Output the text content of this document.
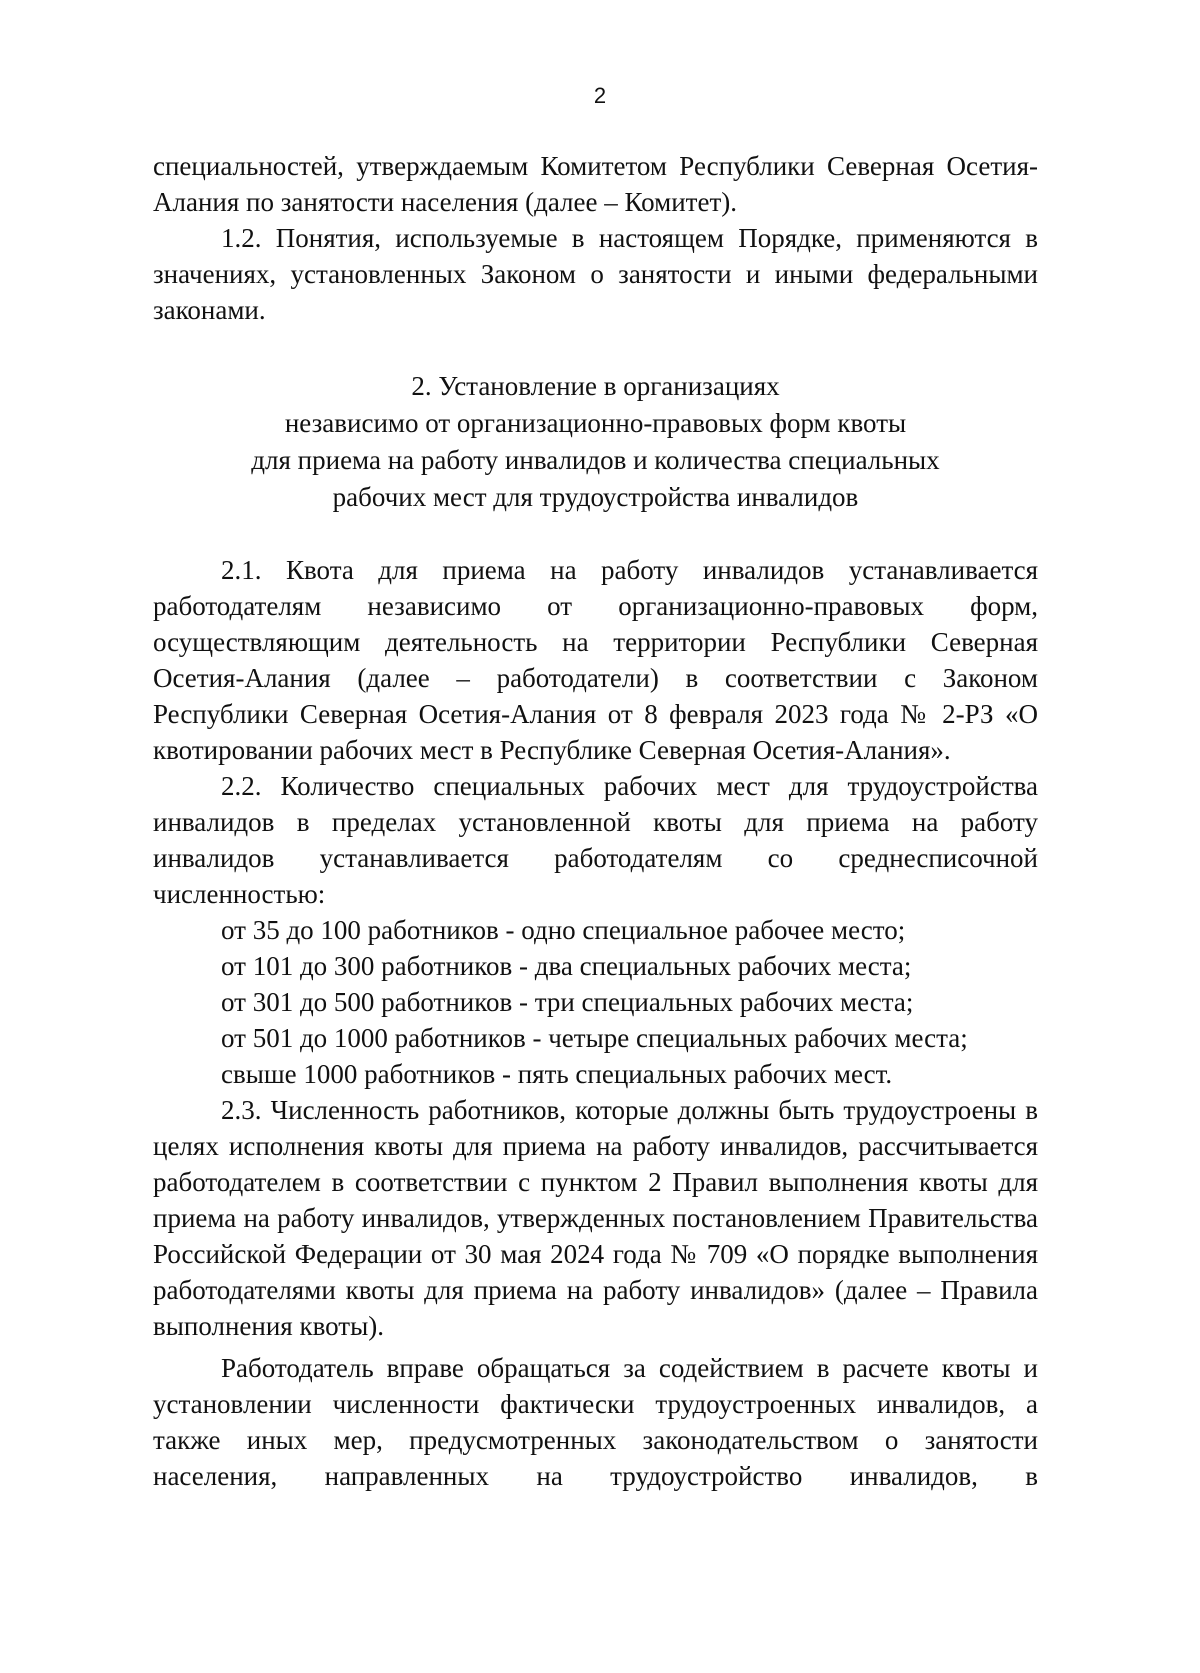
2

специальностей, утверждаемым Комитетом Республики Северная Осетия-Алания по занятости населения (далее – Комитет).

1.2. Понятия, используемые в настоящем Порядке, применяются в значениях, установленных Законом о занятости и иными федеральными законами.

2. Установление в организациях
независимо от организационно-правовых форм квоты
для приема на работу инвалидов и количества специальных
рабочих мест для трудоустройства инвалидов

2.1. Квота для приема на работу инвалидов устанавливается работодателям независимо от организационно-правовых форм, осуществляющим деятельность на территории Республики Северная Осетия-Алания (далее – работодатели) в соответствии с Законом Республики Северная Осетия-Алания от 8 февраля 2023 года № 2-РЗ «О квотировании рабочих мест в Республике Северная Осетия-Алания».

2.2. Количество специальных рабочих мест для трудоустройства инвалидов в пределах установленной квоты для приема на работу инвалидов устанавливается работодателям со среднесписочной численностью:

от 35 до 100 работников - одно специальное рабочее место;
от 101 до 300 работников - два специальных рабочих места;
от 301 до 500 работников - три специальных рабочих места;
от 501 до 1000 работников - четыре специальных рабочих места;
свыше 1000 работников - пять специальных рабочих мест.

2.3. Численность работников, которые должны быть трудоустроены в целях исполнения квоты для приема на работу инвалидов, рассчитывается работодателем в соответствии с пунктом 2 Правил выполнения квоты для приема на работу инвалидов, утвержденных постановлением Правительства Российской Федерации от 30 мая 2024 года № 709 «О порядке выполнения работодателями квоты для приема на работу инвалидов» (далее – Правила выполнения квоты).

Работодатель вправе обращаться за содействием в расчете квоты и установлении численности фактически трудоустроенных инвалидов, а также иных мер, предусмотренных законодательством о занятости населения, направленных на трудоустройство инвалидов, в
